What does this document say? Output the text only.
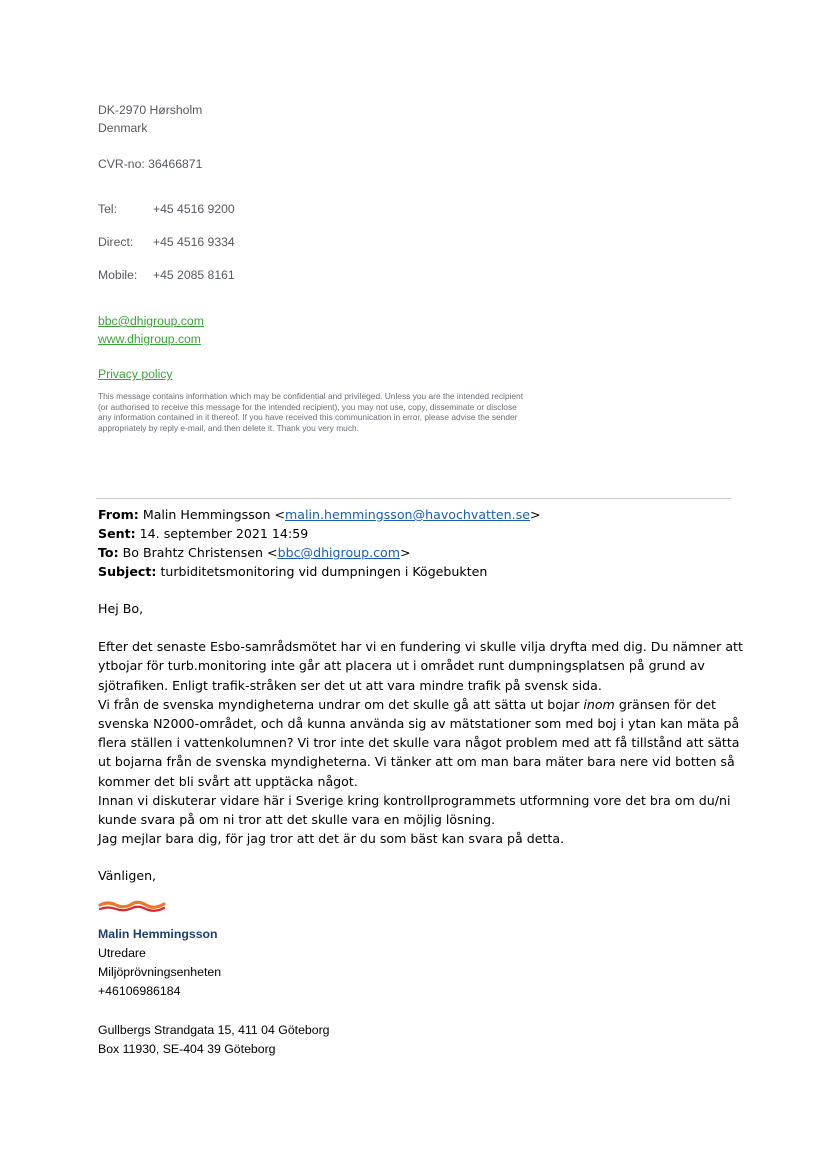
DK-2970 Hørsholm
Denmark
CVR-no: 36466871
Tel:	+45 4516 9200
Direct:	+45 4516 9334
Mobile:	+45 2085 8161
bbc@dhigroup.com
www.dhigroup.com
Privacy policy
This message contains information which may be confidential and privileged. Unless you are the intended recipient
(or authorised to receive this message for the intended recipient), you may not use, copy, disseminate or disclose
any information contained in it thereof. If you have received this communication in error, please advise the sender
appropriately by reply e-mail, and then delete it. Thank you very much.
From: Malin Hemmingsson <malin.hemmingsson@havochvatten.se>
Sent: 14. september 2021 14:59
To: Bo Brahtz Christensen <bbc@dhigroup.com>
Subject: turbiditetsmonitoring vid dumpningen i Kögebukten
Hej Bo,
Efter det senaste Esbo-samrådsmötet har vi en fundering vi skulle vilja dryfta med dig. Du nämner att
ytbojar för turb.monitoring inte går att placera ut i området runt dumpningsplatsen på grund av
sjötrafiken. Enligt trafik-stråken ser det ut att vara mindre trafik på svensk sida.
Vi från de svenska myndigheterna undrar om det skulle gå att sätta ut bojar inom gränsen för det
svenska N2000-området, och då kunna använda sig av mätstationer som med boj i ytan kan mäta på
flera ställen i vattenkolumnen? Vi tror inte det skulle vara något problem med att få tillstånd att sätta
ut bojarna från de svenska myndigheterna. Vi tänker att om man bara mäter bara nere vid botten så
kommer det bli svårt att upptäcka något.
Innan vi diskuterar vidare här i Sverige kring kontrollprogrammets utformning vore det bra om du/ni
kunde svara på om ni tror att det skulle vara en möjlig lösning.
Jag mejlar bara dig, för jag tror att det är du som bäst kan svara på detta.
Vänligen,
Malin Hemmingsson
Utredare
Miljöprövningsenheten
+46106986184
Gullbergs Strandgata 15, 411 04 Göteborg
Box 11930, SE-404 39 Göteborg
